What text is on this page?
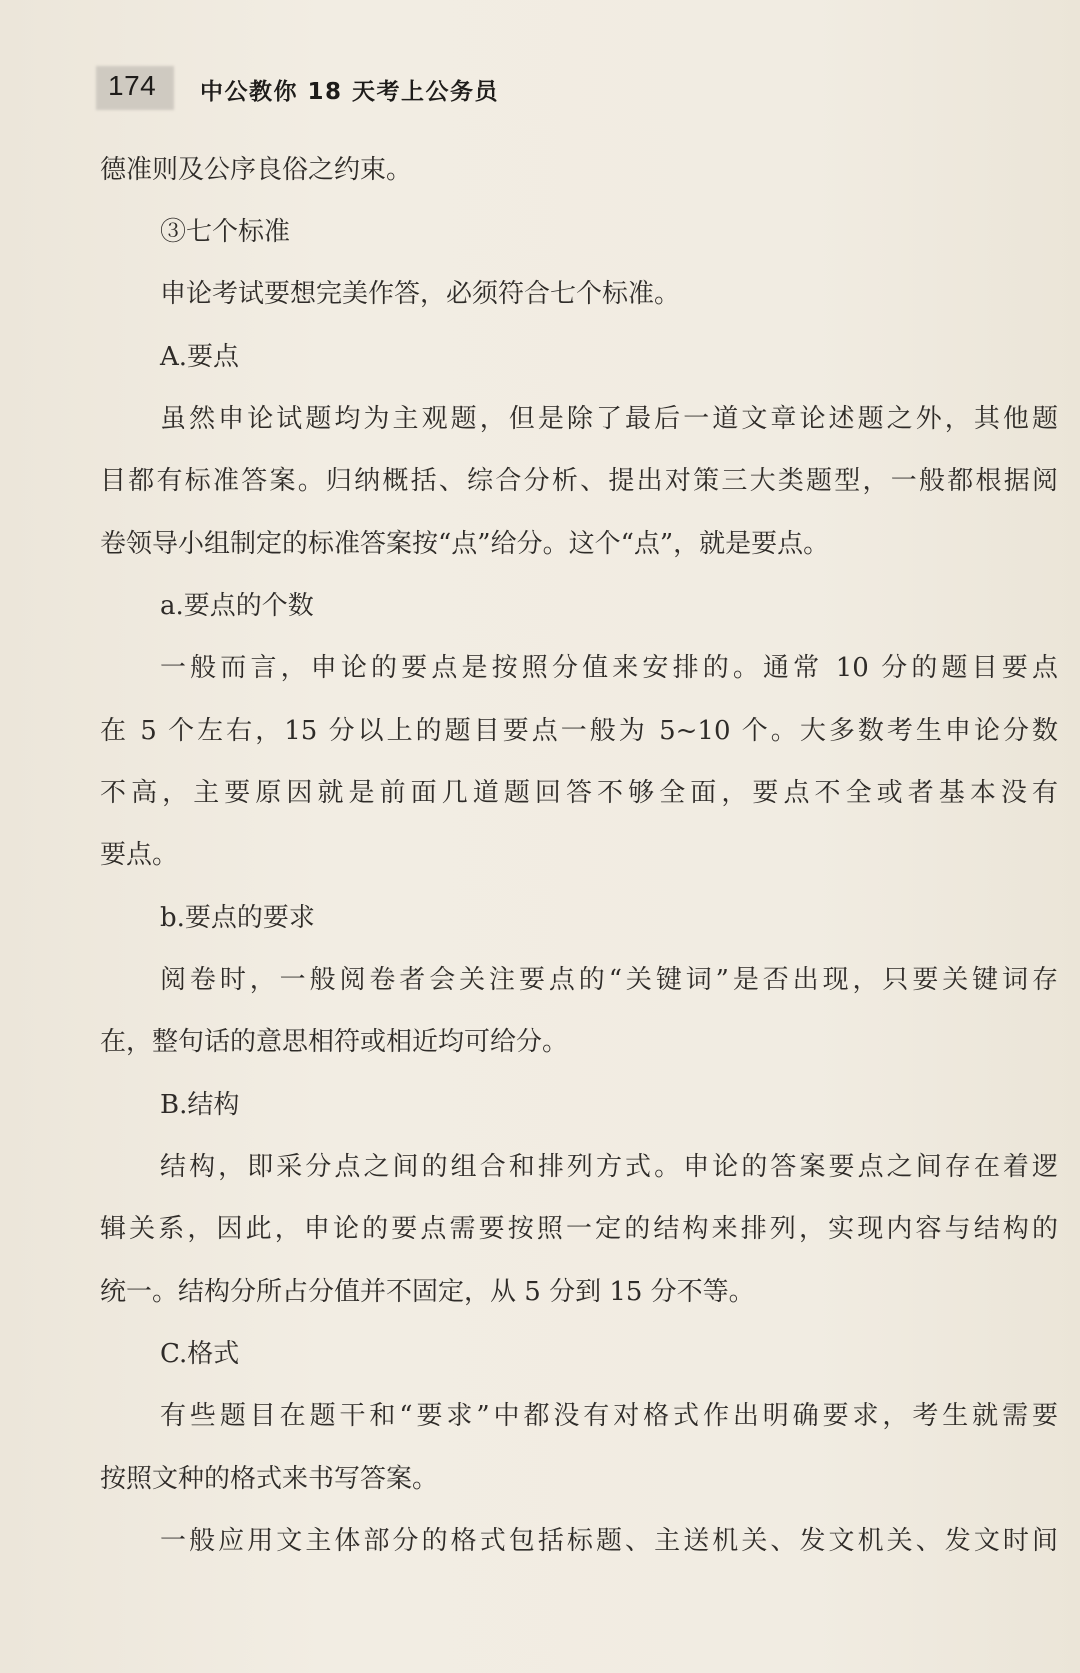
174 中公教你 18 天考上公务员
德准则及公序良俗之约束。
③七个标准
申论考试要想完美作答，必须符合七个标准。
A.要点
虽然申论试题均为主观题，但是除了最后一道文章论述题之外，其他题
目都有标准答案。归纳概括、综合分析、提出对策三大类题型，一般都根据阅
卷领导小组制定的标准答案按“点”给分。这个“点”，就是要点。
a.要点的个数
一般而言，申论的要点是按照分值来安排的。通常 10 分的题目要点
在 5 个左右，15 分以上的题目要点一般为 5~10 个。大多数考生申论分数
不高，主要原因就是前面几道题回答不够全面，要点不全或者基本没有
要点。
b.要点的要求
阅卷时，一般阅卷者会关注要点的“关键词”是否出现，只要关键词存
在，整句话的意思相符或相近均可给分。
B.结构
结构，即采分点之间的组合和排列方式。申论的答案要点之间存在着逻
辑关系，因此，申论的要点需要按照一定的结构来排列，实现内容与结构的
统一。结构分所占分值并不固定，从 5 分到 15 分不等。
C.格式
有些题目在题干和“要求”中都没有对格式作出明确要求，考生就需要
按照文种的格式来书写答案。
一般应用文主体部分的格式包括标题、主送机关、发文机关、发文时间
